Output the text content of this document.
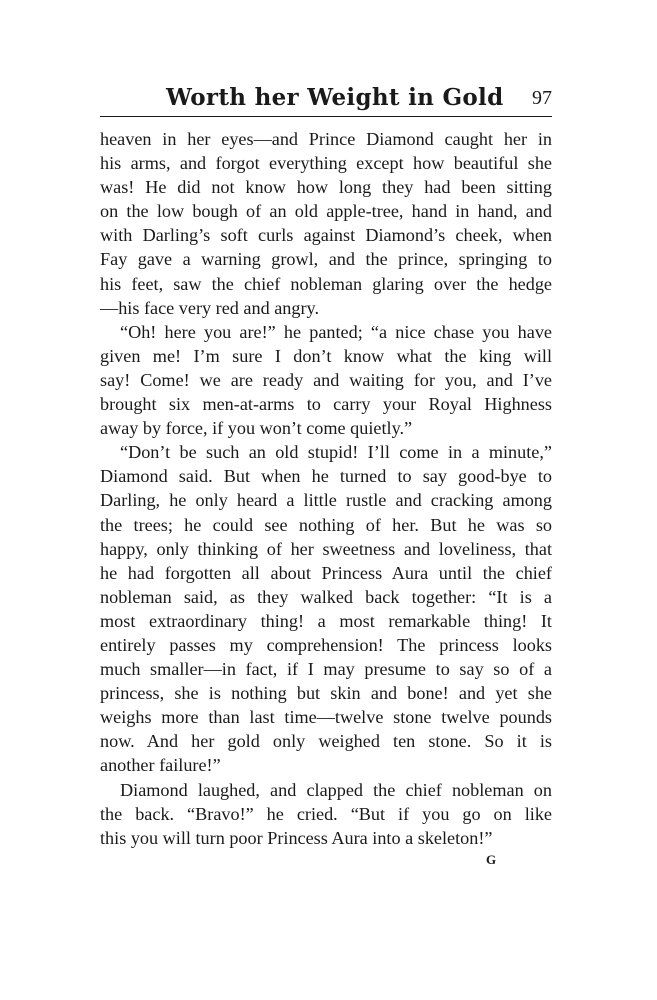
Worth her Weight in Gold 97
heaven in her eyes—and Prince Diamond caught her in
his arms, and forgot everything except how beautiful she
was! He did not know how long they had been sitting
on the low bough of an old apple-tree, hand in hand, and
with Darling’s soft curls against Diamond’s cheek, when
Fay gave a warning growl, and the prince, springing to
his feet, saw the chief nobleman glaring over the hedge
—his face very red and angry.
“Oh! here you are!” he panted; “a nice chase you have
given me! I’m sure I don’t know what the king will
say! Come! we are ready and waiting for you, and I’ve
brought six men-at-arms to carry your Royal Highness
away by force, if you won’t come quietly.”
“Don’t be such an old stupid! I’ll come in a minute,”
Diamond said. But when he turned to say good-bye to
Darling, he only heard a little rustle and cracking among
the trees; he could see nothing of her. But he was so
happy, only thinking of her sweetness and loveliness, that
he had forgotten all about Princess Aura until the chief
nobleman said, as they walked back together: “It is a
most extraordinary thing! a most remarkable thing! It
entirely passes my comprehension! The princess looks
much smaller—in fact, if I may presume to say so of a
princess, she is nothing but skin and bone! and yet she
weighs more than last time—twelve stone twelve pounds
now. And her gold only weighed ten stone. So it is
another failure!”
Diamond laughed, and clapped the chief nobleman on
the back. “Bravo!” he cried. “But if you go on like
this you will turn poor Princess Aura into a skeleton!”
G
